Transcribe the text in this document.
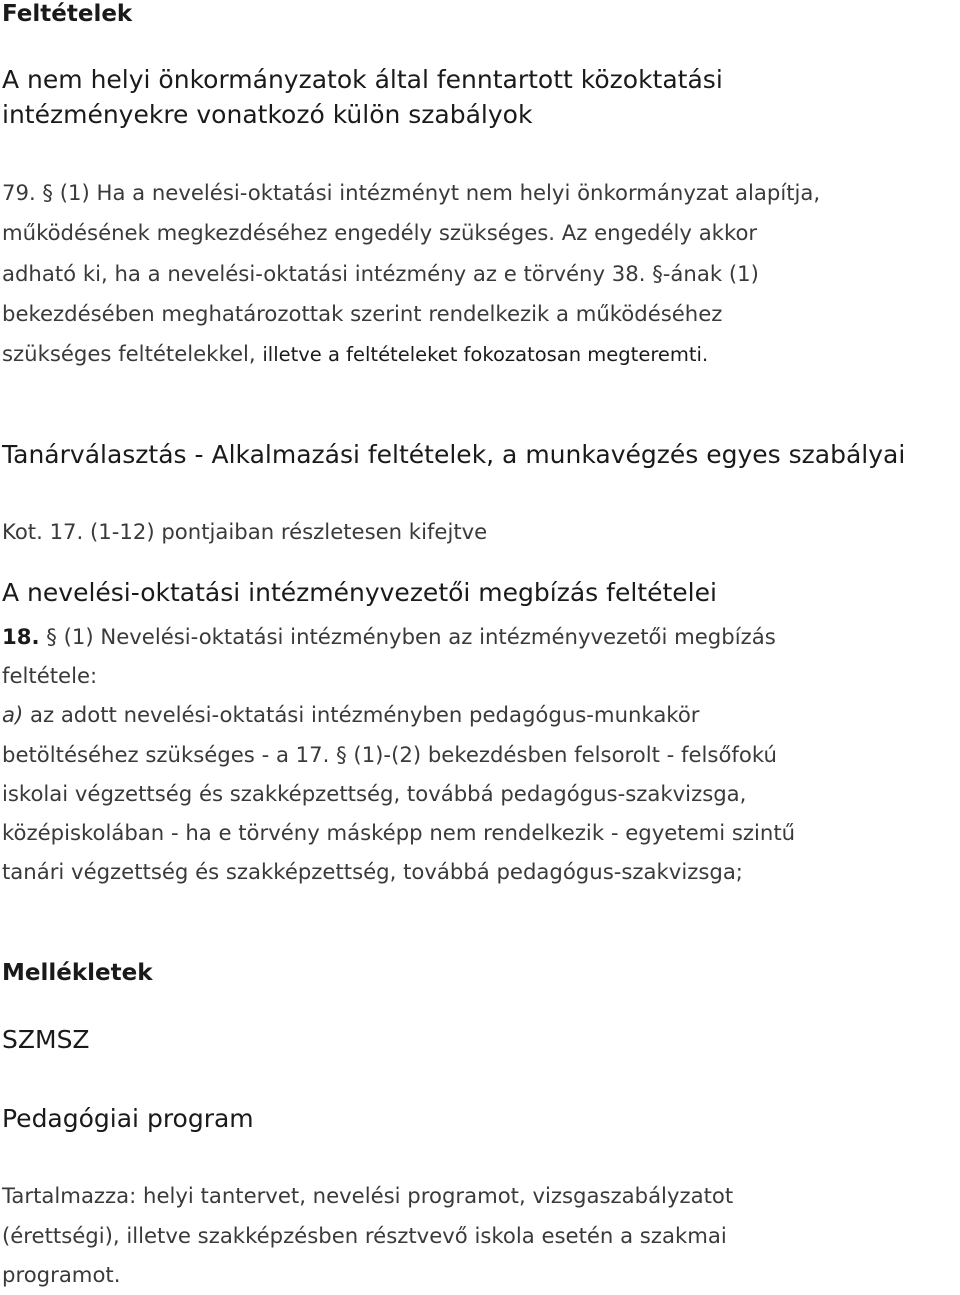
Feltételek
A nem helyi önkormányzatok által fenntartott közoktatási intézményekre vonatkozó külön szabályok

79. § (1) Ha a nevelési-oktatási intézményt nem helyi önkormányzat alapítja,
működésének megkezdéséhez engedély szükséges. Az engedély akkor
adható ki, ha a nevelési-oktatási intézmény az e törvény 38. §-ának (1)
bekezdésében meghatározottak szerint rendelkezik a működéséhez
szükséges feltételekkel, illetve a feltételeket fokozatosan megteremti.

Tanárválasztás - Alkalmazási feltételek, a munkavégzés egyes szabályai

Kot. 17. (1-12) pontjaiban részletesen kifejtve

A nevelési-oktatási intézményvezetői megbízás feltételei

18. § (1) Nevelési-oktatási intézményben az intézményvezetői megbízás
feltétele:
a) az adott nevelési-oktatási intézményben pedagógus-munkakör
betöltéséhez szükséges - a 17. § (1)-(2) bekezdésben felsorolt - felsőfokú
iskolai végzettség és szakképzettség, továbbá pedagógus-szakvizsga,
középiskolában - ha e törvény másképp nem rendelkezik - egyetemi szintű
tanári végzettség és szakképzettség, továbbá pedagógus-szakvizsga;

Mellékletek
SZMSZ
Pedagógiai program

Tartalmazza: helyi tantervet, nevelési programot, vizsgaszabályzatot
(érettségi), illetve szakképzésben résztvevő iskola esetén a szakmai
programot.
